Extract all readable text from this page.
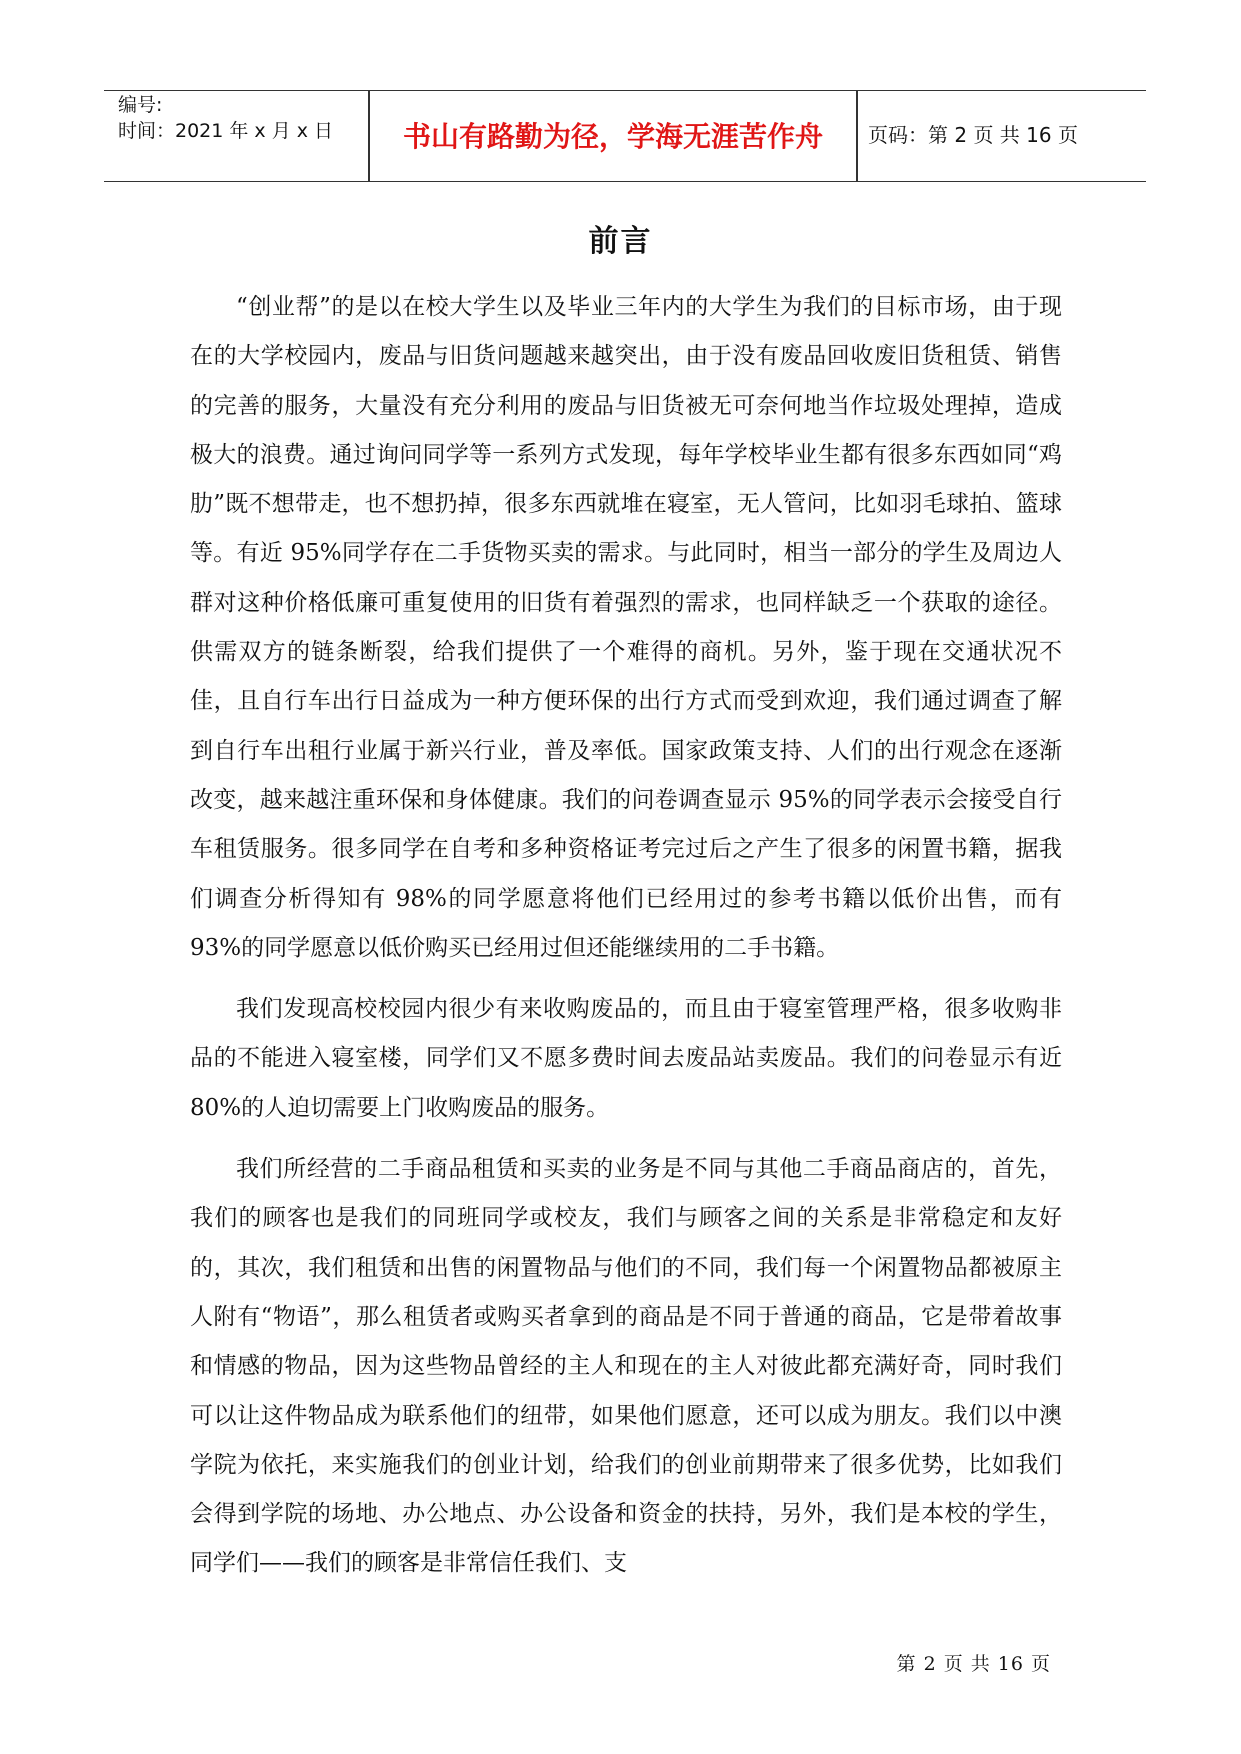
编号:
时间：2021 年 x 月 x 日	书山有路勤为径，学海无涯苦作舟	页码：第 2 页 共 16 页
前言

“创业帮”的是以在校大学生以及毕业三年内的大学生为我们的目标市场，由于现在的大学校园内，废品与旧货问题越来越突出，由于没有废品回收废旧货租赁、销售的完善的服务，大量没有充分利用的废品与旧货被无可奈何地当作垃圾处理掉，造成极大的浪费。通过询问同学等一系列方式发现，每年学校毕业生都有很多东西如同“鸡肋”既不想带走，也不想扔掉，很多东西就堆在寝室，无人管问，比如羽毛球拍、篮球等。有近 95%同学存在二手货物买卖的需求。与此同时，相当一部分的学生及周边人群对这种价格低廉可重复使用的旧货有着强烈的需求，也同样缺乏一个获取的途径。供需双方的链条断裂，给我们提供了一个难得的商机。另外，鉴于现在交通状况不佳，且自行车出行日益成为一种方便环保的出行方式而受到欢迎，我们通过调查了解到自行车出租行业属于新兴行业，普及率低。国家政策支持、人们的出行观念在逐渐改变，越来越注重环保和身体健康。我们的问卷调查显示 95%的同学表示会接受自行车租赁服务。很多同学在自考和多种资格证考完过后之产生了很多的闲置书籍，据我们调查分析得知有 98%的同学愿意将他们已经用过的参考书籍以低价出售，而有 93%的同学愿意以低价购买已经用过但还能继续用的二手书籍。

我们发现高校校园内很少有来收购废品的，而且由于寝室管理严格，很多收购非品的不能进入寝室楼，同学们又不愿多费时间去废品站卖废品。我们的问卷显示有近 80%的人迫切需要上门收购废品的服务。

我们所经营的二手商品租赁和买卖的业务是不同与其他二手商品商店的，首先，我们的顾客也是我们的同班同学或校友，我们与顾客之间的关系是非常稳定和友好的，其次，我们租赁和出售的闲置物品与他们的不同，我们每一个闲置物品都被原主人附有“物语”，那么租赁者或购买者拿到的商品是不同于普通的商品，它是带着故事和情感的物品，因为这些物品曾经的主人和现在的主人对彼此都充满好奇，同时我们可以让这件物品成为联系他们的纽带，如果他们愿意，还可以成为朋友。我们以中澳学院为依托，来实施我们的创业计划，给我们的创业前期带来了很多优势，比如我们会得到学院的场地、办公地点、办公设备和资金的扶持，另外，我们是本校的学生，同学们——我们的顾客是非常信任我们、支

第 2 页 共 16 页
